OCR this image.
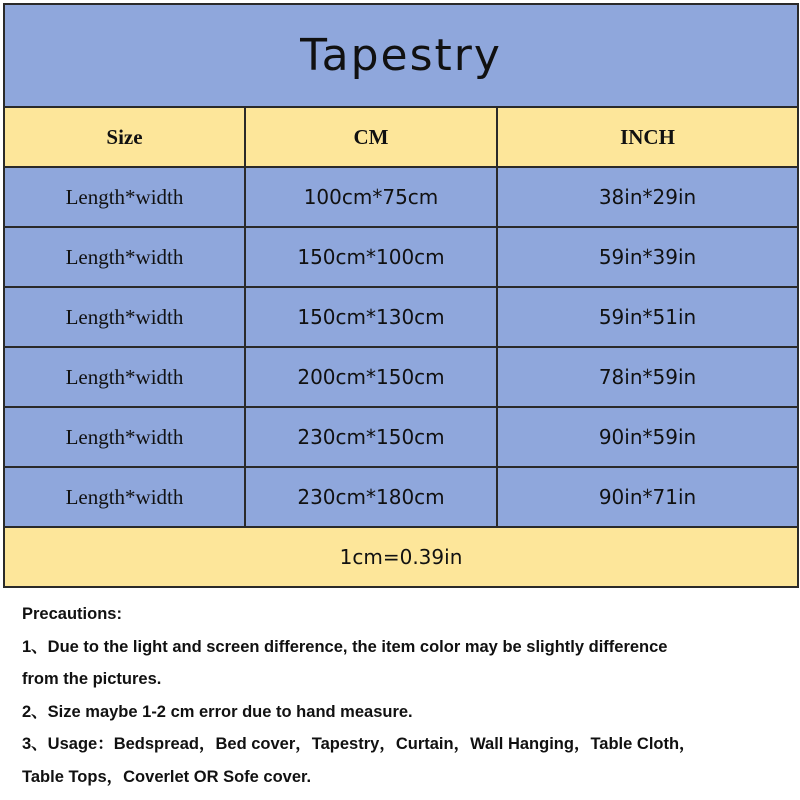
Tapestry		
Size	CM	INCH
Length*width	100cm*75cm	38in*29in
Length*width	150cm*100cm	59in*39in
Length*width	150cm*130cm	59in*51in
Length*width	200cm*150cm	78in*59in
Length*width	230cm*150cm	90in*59in
Length*width	230cm*180cm	90in*71in
1cm=0.39in		

Precautions:

1、Due to the light and screen difference, the item color may be slightly difference

from the pictures.

2、Size maybe 1-2 cm error due to hand measure.

3、Usage：Bedspread，Bed cover，Tapestry，Curtain，Wall Hanging，Table Cloth，

Table Tops，Coverlet OR Sofe cover.
